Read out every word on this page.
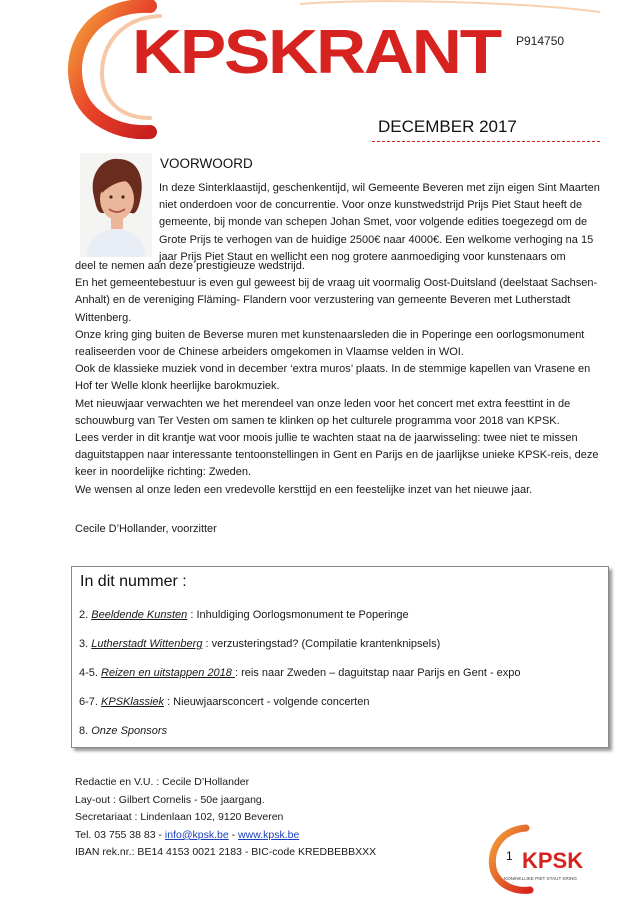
KPSKRANT P914750
DECEMBER 2017
VOORWOORD

In deze Sinterklaastijd, geschenkentijd, wil Gemeente Beveren met zijn eigen Sint Maarten niet onderdoen voor de concurrentie. Voor onze kunstwedstrijd Prijs Piet Staut heeft de gemeente, bij monde van schepen Johan Smet, voor volgende edities toegezegd om de Grote Prijs te verhogen van de huidige 2500€ naar 4000€. Een welkome verhoging na 15 jaar Prijs Piet Staut en wellicht een nog grotere aanmoediging voor kunstenaars om

deel te nemen aan deze prestigieuze wedstrijd.

En het gemeentebestuur is even gul geweest bij de vraag uit voormalig Oost-Duitsland (deelstaat Sachsen-Anhalt) en de vereniging Fläming- Flandern voor verzustering van gemeente Beveren met Lutherstadt Wittenberg.

Onze kring ging buiten de Beverse muren met kunstenaarsleden die in Poperinge een oorlogsmonument realiseerden voor de Chinese arbeiders omgekomen in Vlaamse velden in WOI.

Ook de klassieke muziek vond in december ‘extra muros’ plaats. In de stemmige kapellen van Vrasene en Hof ter Welle klonk heerlijke barokmuziek.

Met nieuwjaar verwachten we het merendeel van onze leden voor het concert met extra feesttint in de schouwburg van Ter Vesten om samen te klinken op het culturele programma voor 2018 van KPSK.

Lees verder in dit krantje wat voor moois jullie te wachten staat na de jaarwisseling: twee niet te missen daguitstappen naar interessante tentoonstellingen in Gent en Parijs en de jaarlijkse unieke KPSK-reis, deze keer in noordelijke richting: Zweden.

We wensen al onze leden een vredevolle kersttijd en een feestelijke inzet van het nieuwe jaar.

Cecile D’Hollander, voorzitter
In dit nummer :
2. Beeldende Kunsten : Inhuldiging Oorlogsmonument te Poperinge
3. Lutherstadt Wittenberg : verzusteringstad? (Compilatie krantenknipsels)
4-5. Reizen en uitstappen 2018 : reis naar Zweden – daguitstap naar Parijs en Gent - expo
6-7. KPSKlassiek : Nieuwjaarsconcert - volgende concerten
8. Onze Sponsors
Redactie en V.U. : Cecile D’Hollander
Lay-out : Gilbert Cornelis - 50e jaargang.
Secretariaat : Lindenlaan 102, 9120 Beveren
Tel. 03 755 38 83 - info@kpsk.be - www.kpsk.be
IBAN rek.nr.: BE14 4153 0021 2183 - BIC-code KREDBEBBXXX	KPSK
KONINKLIJKE PIET STAUT KRING
1
